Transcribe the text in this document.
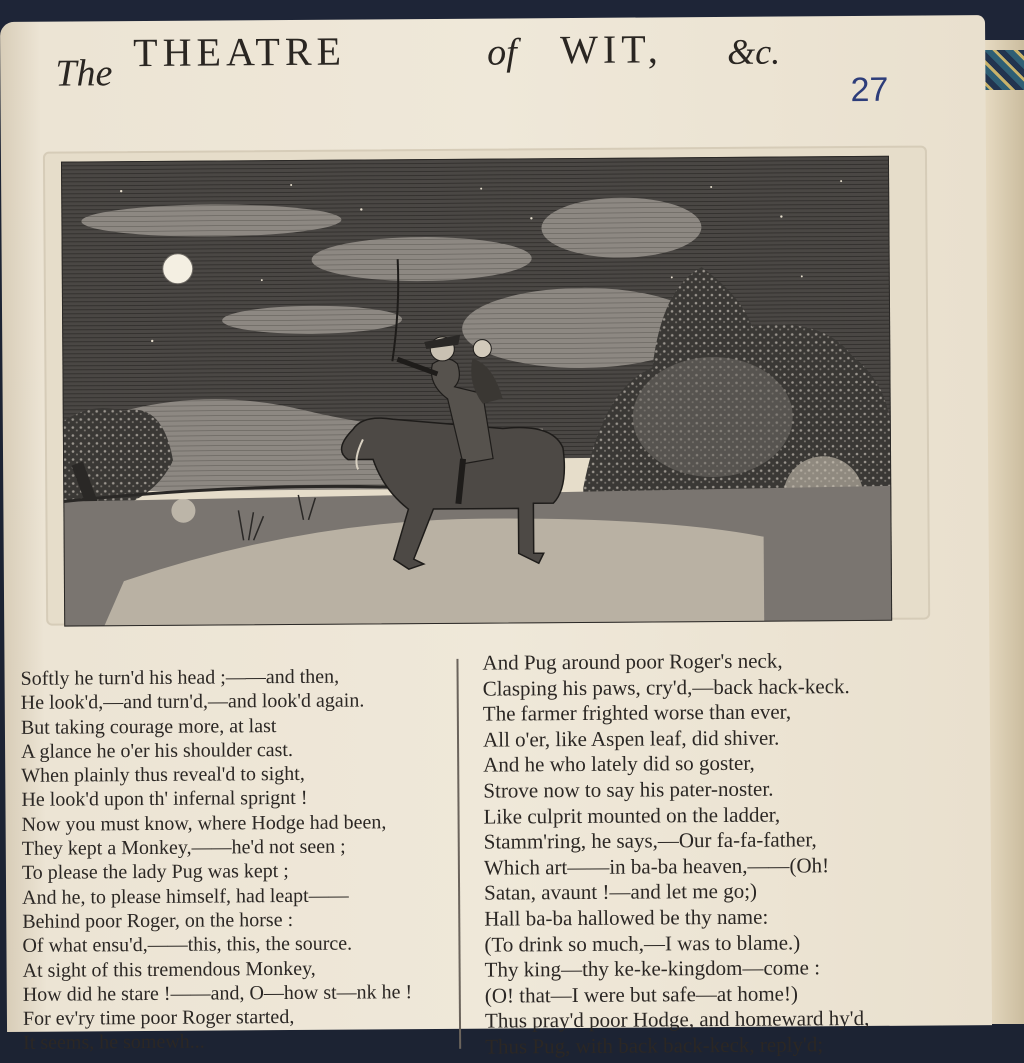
The THEATRE	of WIT, &c.
27
Softly he turn'd his head ;——and then,
He look'd,—and turn'd,—and look'd again.
But taking courage more, at last
A glance he o'er his shoulder cast.
When plainly thus reveal'd to sight,
He look'd upon th' infernal sprignt !
Now you must know, where Hodge had been,
They kept a Monkey,——he'd not seen ;
To please the lady Pug was kept ;
And he, to please himself, had leapt——
Behind poor Roger, on the horse :
Of what ensu'd,——this, this, the source.
At sight of this tremendous Monkey,
How did he stare !——and, O—how st—nk he !
For ev'ry time poor Roger started,
It seems, he somewh...
And Pug around poor Roger's neck,
Clasping his paws, cry'd,—back hack-keck.
The farmer frighted worse than ever,
All o'er, like Aspen leaf, did shiver.
And he who lately did so goster,
Strove now to say his pater-noster.
Like culprit mounted on the ladder,
Stamm'ring, he says,—Our fa-fa-father,
Which art——in ba-ba heaven,——(Oh!
Satan, avaunt !—and let me go;)
Hall ba-ba hallowed be thy name:
(To drink so much,—I was to blame.)
Thy king—thy ke-ke-kingdom—come :
(O! that—I were but safe—at home!)
Thus pray'd poor Hodge, and homeward hy'd,
Thus Pug, with back back-keck, reply'd;
